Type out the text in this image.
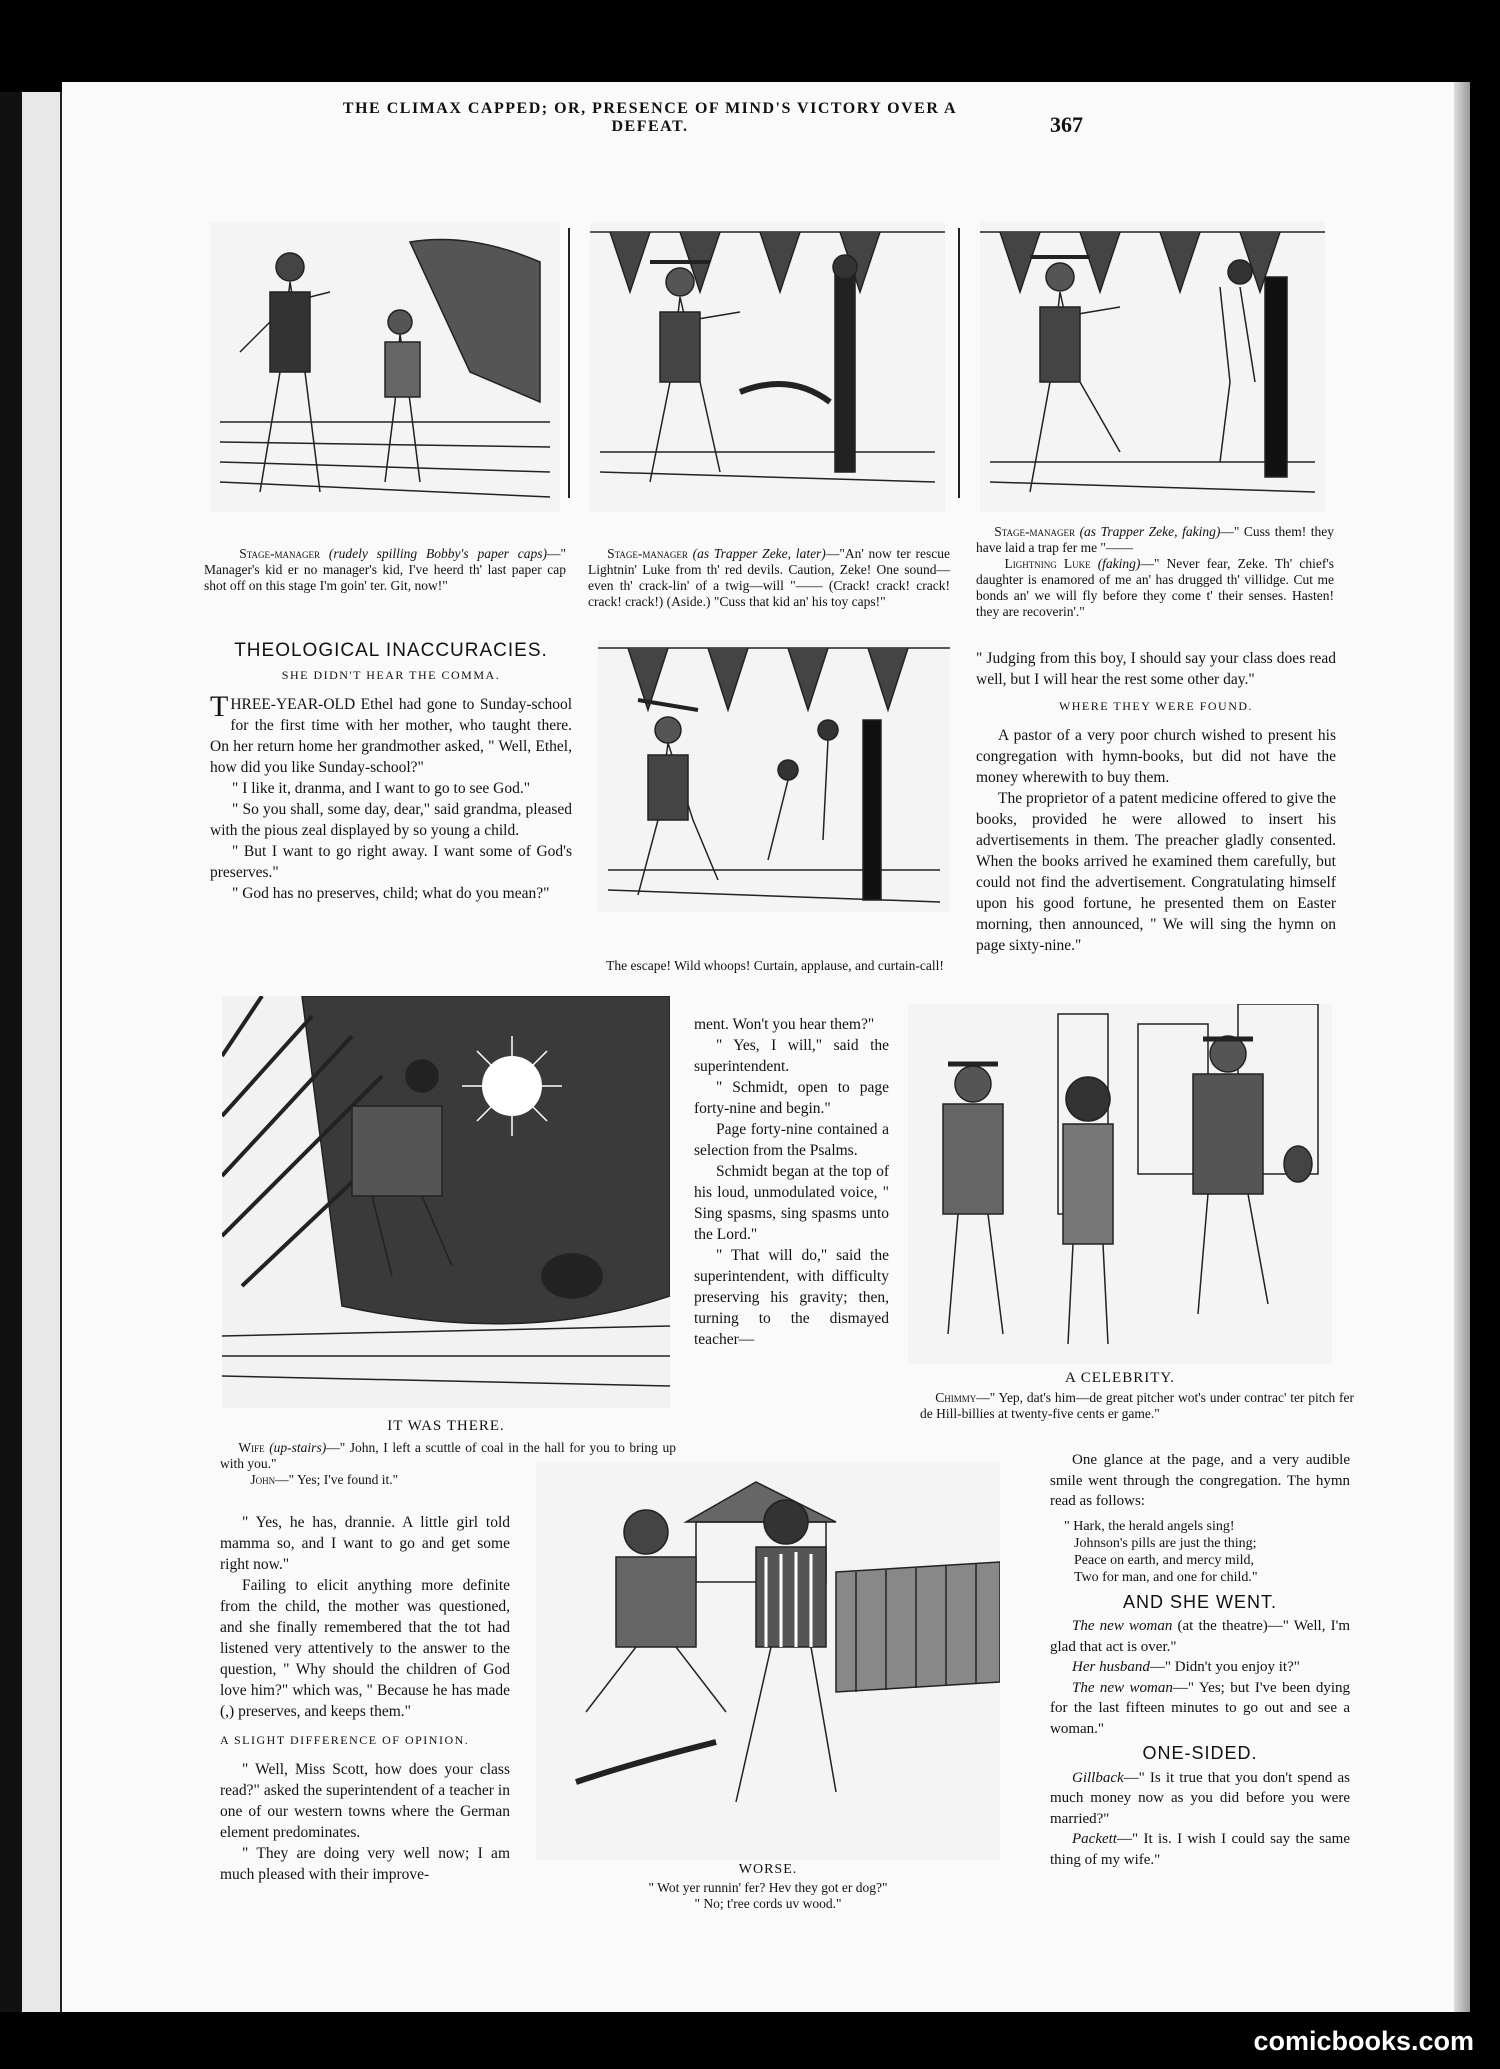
THE CLIMAX CAPPED; OR, PRESENCE OF MIND'S VICTORY OVER A DEFEAT.	367

Stage-manager (rudely spilling Bobby's paper caps)—" Manager's kid er no manager's kid, I've heerd th' last paper cap shot off on this stage I'm goin' ter. Git, now!"

Stage-manager (as Trapper Zeke, later)—"An' now ter rescue Lightnin' Luke from th' red devils. Caution, Zeke! One sound—even th' crack-lin' of a twig—will "—— (Crack! crack! crack! crack! crack!) (Aside.) "Cuss that kid an' his toy caps!"

Stage-manager (as Trapper Zeke, faking)—" Cuss them! they have laid a trap fer me "——

Lightning Luke (faking)—" Never fear, Zeke. Th' chief's daughter is enamored of me an' has drugged th' villidge. Cut me bonds an' we will fly before they come t' their senses. Hasten! they are recoverin'."

The escape! Wild whoops! Curtain, applause, and curtain-call!
THEOLOGICAL INACCURACIES.
SHE DIDN'T HEAR THE COMMA.

THREE-YEAR-OLD Ethel had gone to Sunday-school for the first time with her mother, who taught there. On her return home her grandmother asked, " Well, Ethel, how did you like Sunday-school?"

" I like it, dranma, and I want to go to see God."

" So you shall, some day, dear," said grandma, pleased with the pious zeal displayed by so young a child.

" But I want to go right away. I want some of God's preserves."

" God has no preserves, child; what do you mean?"

IT WAS THERE.

Wife (up-stairs)—" John, I left a scuttle of coal in the hall for you to bring up with you."

John—" Yes; I've found it."

ment. Won't you hear them?"

" Yes, I will," said the superintendent.

" Schmidt, open to page forty-nine and begin."

Page forty-nine contained a selection from the Psalms.

Schmidt began at the top of his loud, unmodulated voice, " Sing spasms, sing spasms unto the Lord."

" That will do," said the superintendent, with difficulty preserving his gravity; then, turning to the dismayed teacher—

" Judging from this boy, I should say your class does read well, but I will hear the rest some other day."

WHERE THEY WERE FOUND.

A pastor of a very poor church wished to present his congregation with hymn-books, but did not have the money wherewith to buy them.

The proprietor of a patent medicine offered to give the books, provided he were allowed to insert his advertisements in them. The preacher gladly consented. When the books arrived he examined them carefully, but could not find the advertisement. Congratulating himself upon his good fortune, he presented them on Easter morning, then announced, " We will sing the hymn on page sixty-nine."

A CELEBRITY.

Chimmy—" Yep, dat's him—de great pitcher wot's under contrac' ter pitch fer de Hill-billies at twenty-five cents er game."

" Yes, he has, drannie. A little girl told mamma so, and I want to go and get some right now."

Failing to elicit anything more definite from the child, the mother was questioned, and she finally remembered that the tot had listened very attentively to the answer to the question, " Why should the children of God love him?" which was, " Because he has made (,) preserves, and keeps them."

A SLIGHT DIFFERENCE OF OPINION.

" Well, Miss Scott, how does your class read?" asked the superintendent of a teacher in one of our western towns where the German element predominates.

" They are doing very well now; I am much pleased with their improve-	WORSE.
" Wot yer runnin' fer? Hev they got er dog?"
" No; t'ree cords uv wood."

One glance at the page, and a very audible smile went through the congregation. The hymn read as follows:

" Hark, the herald angels sing!
Johnson's pills are just the thing;
Peace on earth, and mercy mild,
Two for man, and one for child."
AND SHE WENT.

The new woman (at the theatre)—" Well, I'm glad that act is over."

Her husband—" Didn't you enjoy it?"

The new woman—" Yes; but I've been dying for the last fifteen minutes to go out and see a woman."

ONE-SIDED.

Gillback—" Is it true that you don't spend as much money now as you did before you were married?"

Packett—" It is. I wish I could say the same thing of my wife."

comicbooks.com
